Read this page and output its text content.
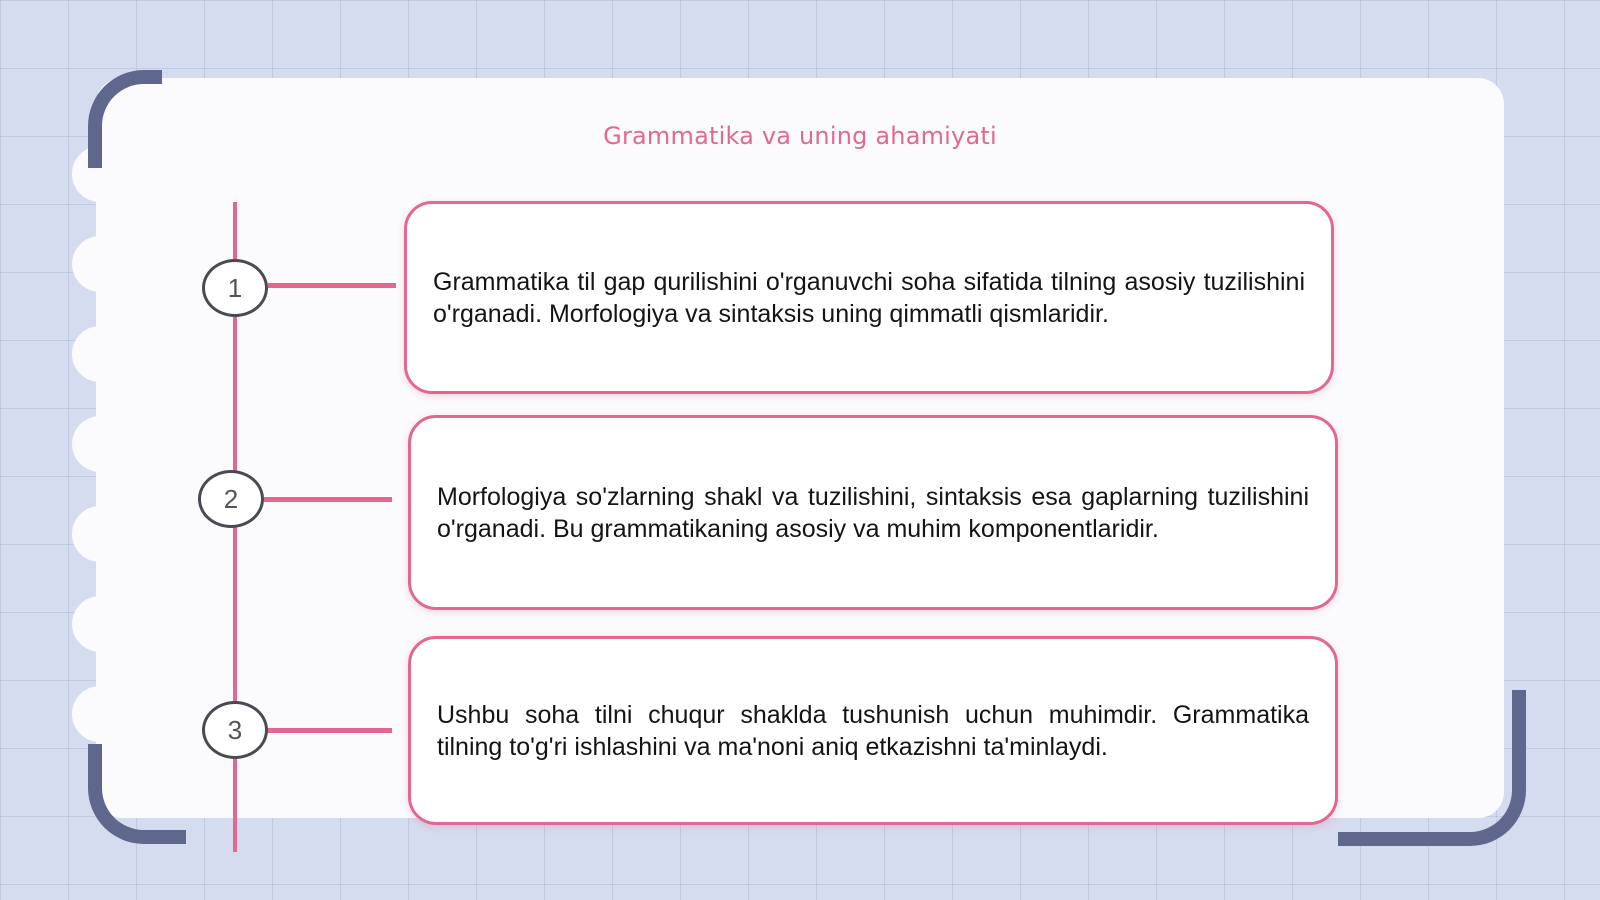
Grammatika va uning ahamiyati
1
2
3
Grammatika til gap qurilishini o'rganuvchi soha sifatida tilning asosiy tuzilishini o'rganadi. Morfologiya va sintaksis uning qimmatli qismlaridir.
Morfologiya so'zlarning shakl va tuzilishini, sintaksis esa gaplarning tuzilishini o'rganadi. Bu grammatikaning asosiy va muhim komponentlaridir.
Ushbu soha tilni chuqur shaklda tushunish uchun muhimdir. Grammatika tilning to'g'ri ishlashini va ma'noni aniq etkazishni ta'minlaydi.
